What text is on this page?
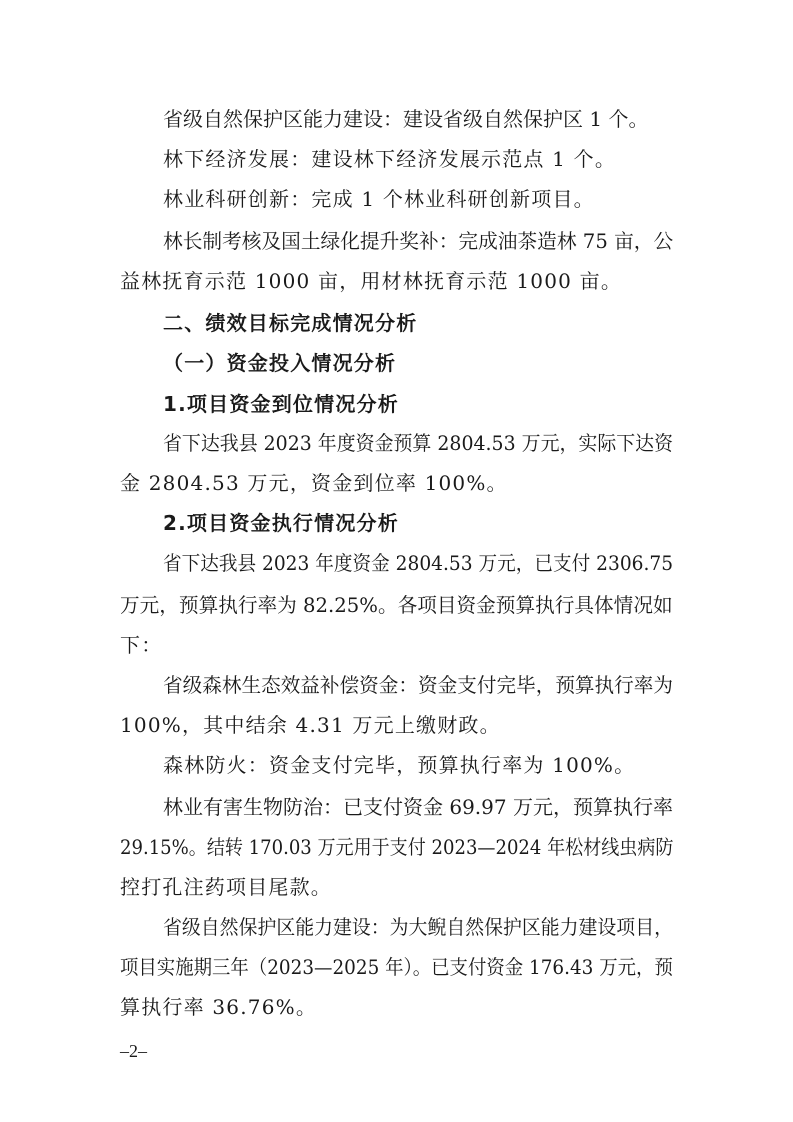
省级自然保护区能力建设：建设省级自然保护区 1 个。
林下经济发展：建设林下经济发展示范点 1 个。
林业科研创新：完成 1 个林业科研创新项目。
林长制考核及国土绿化提升奖补：完成油茶造林 75 亩，公
益林抚育示范 1000 亩，用材林抚育示范 1000 亩。
二、绩效目标完成情况分析
（一）资金投入情况分析
1.项目资金到位情况分析
省下达我县 2023 年度资金预算 2804.53 万元，实际下达资
金 2804.53 万元，资金到位率 100%。
2.项目资金执行情况分析
省下达我县 2023 年度资金 2804.53 万元，已支付 2306.75
万元，预算执行率为 82.25%。各项目资金预算执行具体情况如
下：
省级森林生态效益补偿资金：资金支付完毕，预算执行率为
100%，其中结余 4.31 万元上缴财政。
森林防火：资金支付完毕，预算执行率为 100%。
林业有害生物防治：已支付资金 69.97 万元，预算执行率
29.15%。结转 170.03 万元用于支付 2023—2024 年松材线虫病防
控打孔注药项目尾款。
省级自然保护区能力建设：为大鲵自然保护区能力建设项目，
项目实施期三年（2023—2025 年）。已支付资金 176.43 万元，预
算执行率 36.76%。
–2–
